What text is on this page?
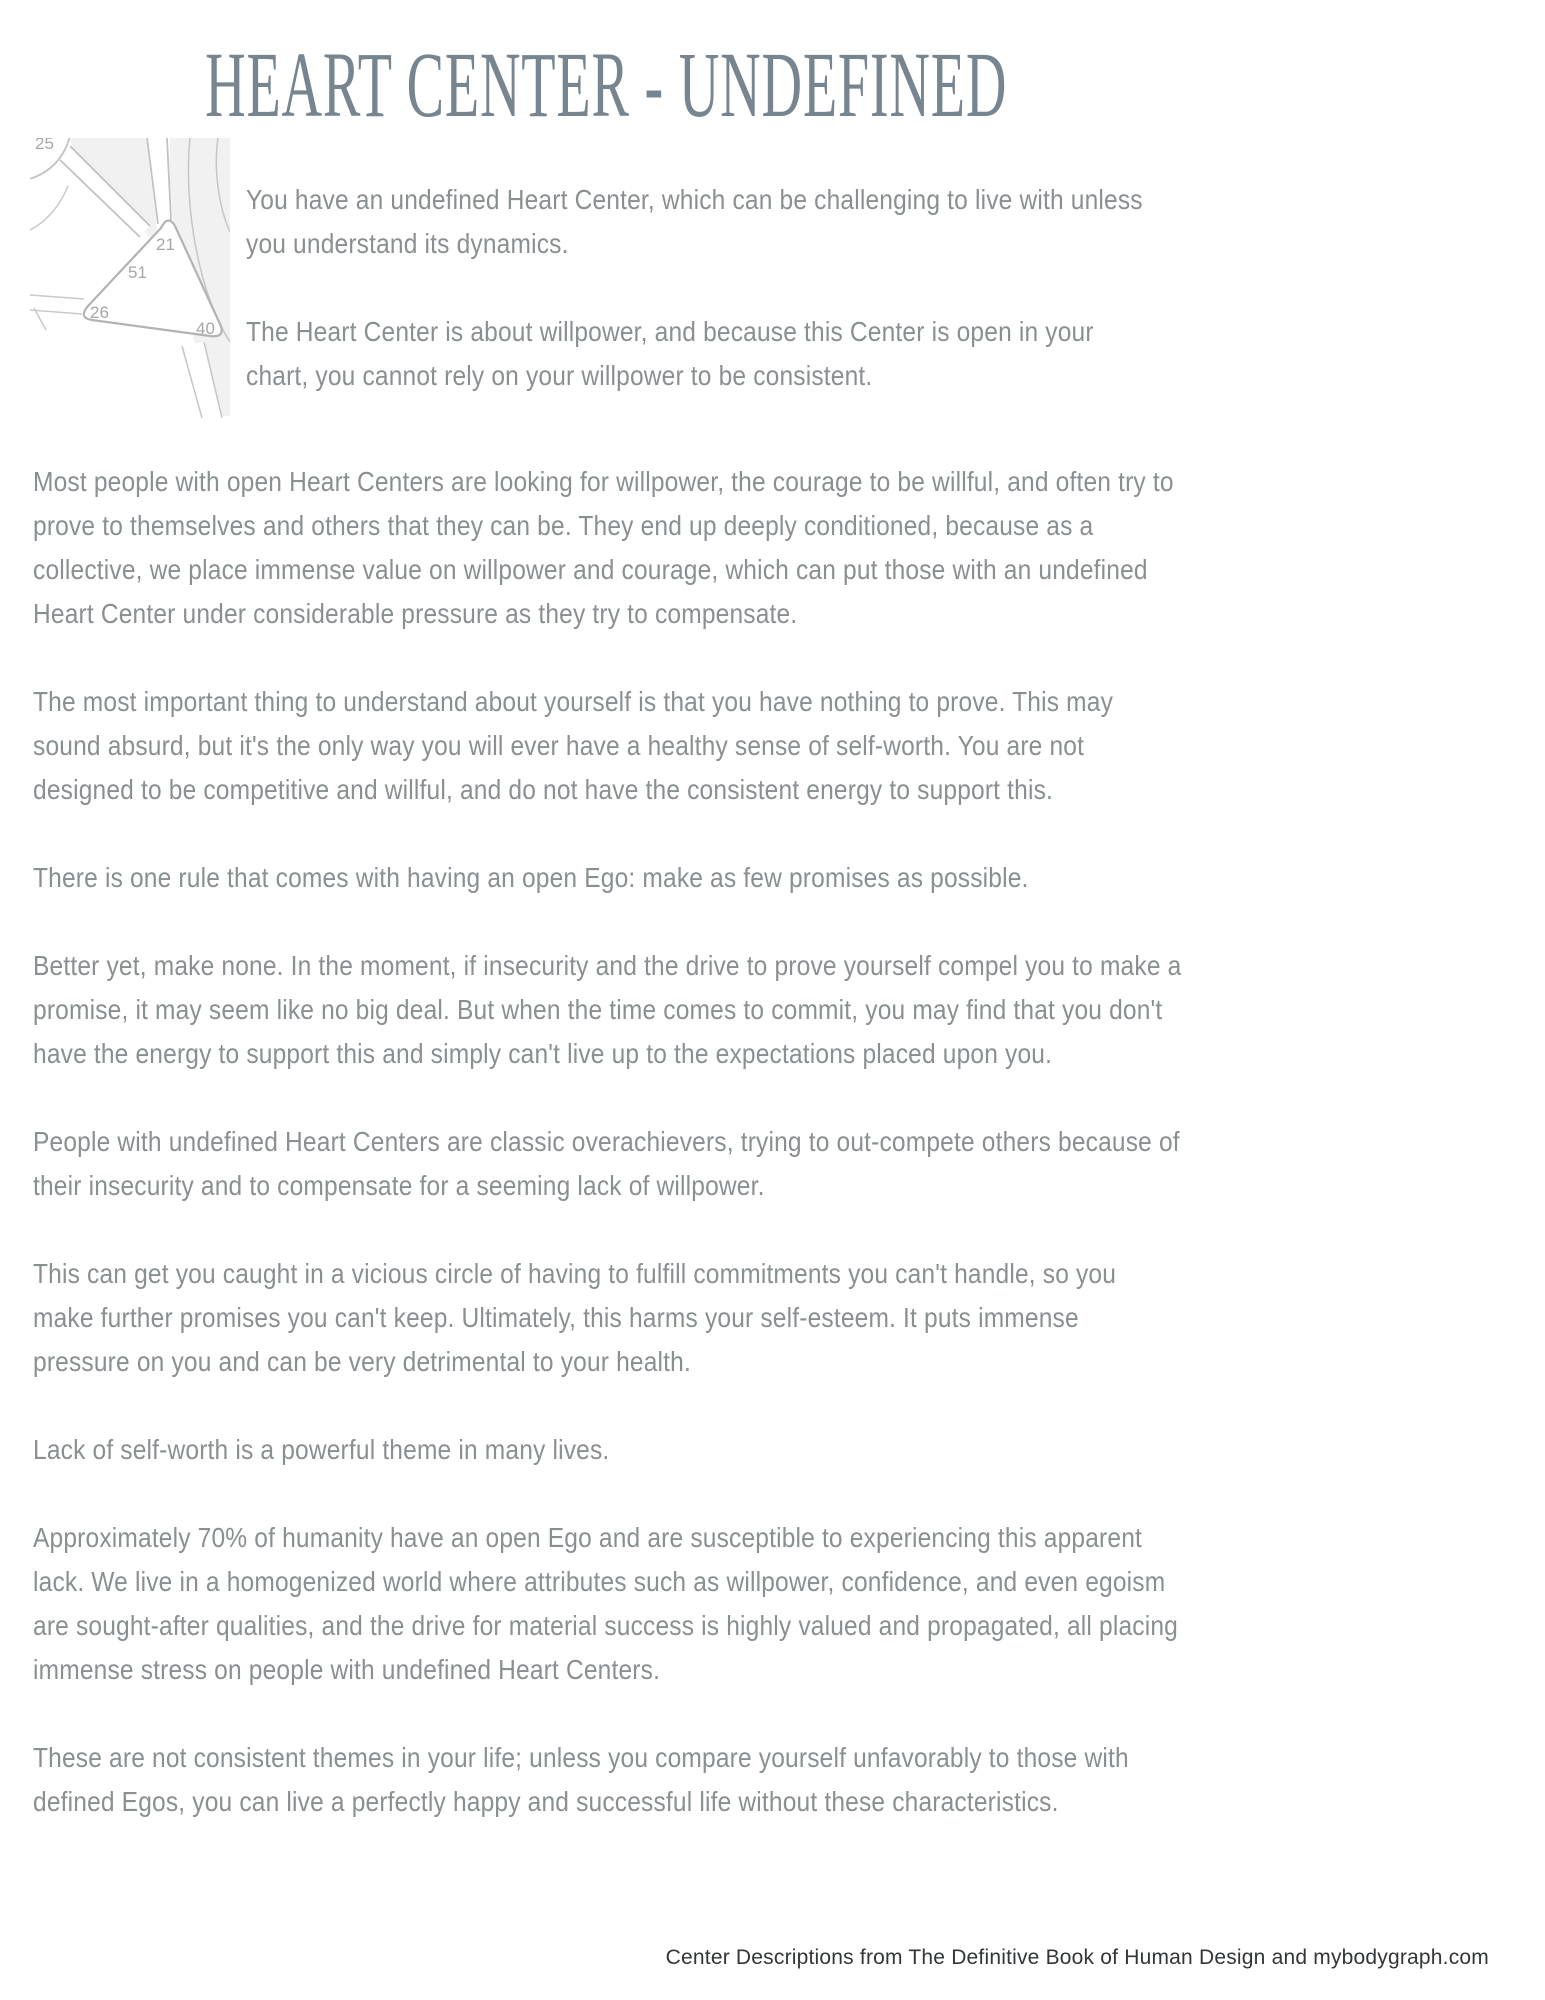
HEART CENTER - UNDEFINED
25
21
51
26
40

You have an undefined Heart Center, which can be challenging to live with unless you understand its dynamics.

The Heart Center is about willpower, and because this Center is open in your chart, you cannot rely on your willpower to be consistent.

Most people with open Heart Centers are looking for willpower, the courage to be willful, and often try to prove to themselves and others that they can be. They end up deeply conditioned, because as a collective, we place immense value on willpower and courage, which can put those with an undefined Heart Center under considerable pressure as they try to compensate.

The most important thing to understand about yourself is that you have nothing to prove. This may sound absurd, but it's the only way you will ever have a healthy sense of self-worth. You are not designed to be competitive and willful, and do not have the consistent energy to support this.

There is one rule that comes with having an open Ego: make as few promises as possible.

Better yet, make none. In the moment, if insecurity and the drive to prove yourself compel you to make a promise, it may seem like no big deal. But when the time comes to commit, you may find that you don't have the energy to support this and simply can't live up to the expectations placed upon you.

People with undefined Heart Centers are classic overachievers, trying to out-compete others because of their insecurity and to compensate for a seeming lack of willpower.

This can get you caught in a vicious circle of having to fulfill commitments you can't handle, so you make further promises you can't keep. Ultimately, this harms your self-esteem. It puts immense pressure on you and can be very detrimental to your health.

Lack of self-worth is a powerful theme in many lives.

Approximately 70% of humanity have an open Ego and are susceptible to experiencing this apparent lack. We live in a homogenized world where attributes such as willpower, confidence, and even egoism are sought-after qualities, and the drive for material success is highly valued and propagated, all placing immense stress on people with undefined Heart Centers.

These are not consistent themes in your life; unless you compare yourself unfavorably to those with defined Egos, you can live a perfectly happy and successful life without these characteristics.

Center Descriptions from The Definitive Book of Human Design and mybodygraph.com
